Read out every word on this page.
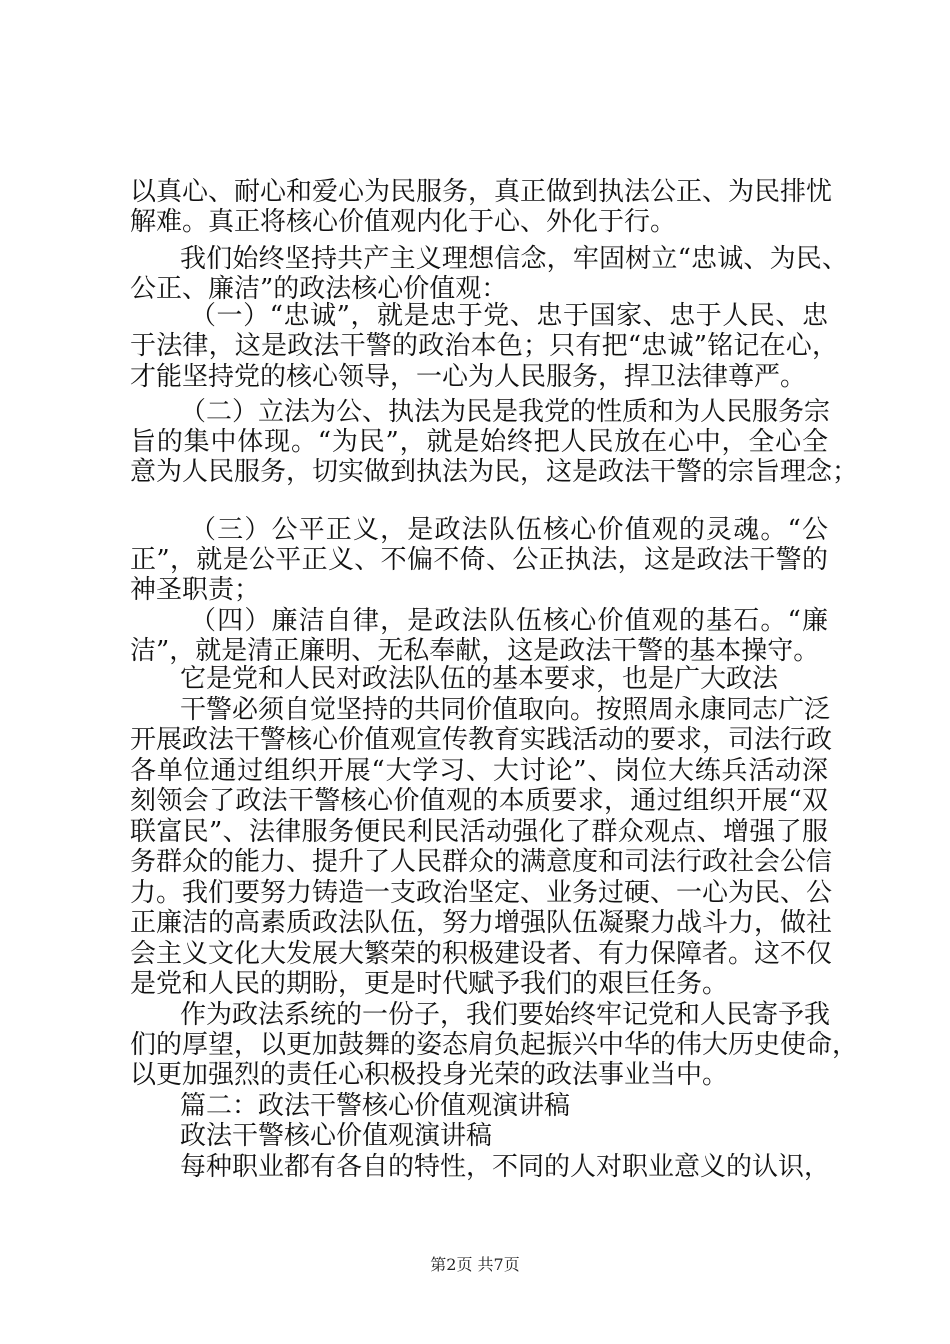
以真心、耐心和爱心为民服务，真正做到执法公正、为民排忧
解难。真正将核心价值观内化于心、外化于行。
我们始终坚持共产主义理想信念，牢固树立“忠诚、为民、
公正、廉洁”的政法核心价值观：
（一）“忠诚”，就是忠于党、忠于国家、忠于人民、忠
于法律，这是政法干警的政治本色；只有把“忠诚”铭记在心，
才能坚持党的核心领导，一心为人民服务，捍卫法律尊严。
（二）立法为公、执法为民是我党的性质和为人民服务宗
旨的集中体现。“为民”，就是始终把人民放在心中，全心全
意为人民服务，切实做到执法为民，这是政法干警的宗旨理念；
（三）公平正义，是政法队伍核心价值观的灵魂。“公
正”，就是公平正义、不偏不倚、公正执法，这是政法干警的
神圣职责；
（四）廉洁自律，是政法队伍核心价值观的基石。“廉
洁”，就是清正廉明、无私奉献，这是政法干警的基本操守。
它是党和人民对政法队伍的基本要求，也是广大政法
干警必须自觉坚持的共同价值取向。按照周永康同志广泛
开展政法干警核心价值观宣传教育实践活动的要求，司法行政
各单位通过组织开展“大学习、大讨论”、岗位大练兵活动深
刻领会了政法干警核心价值观的本质要求，通过组织开展“双
联富民”、法律服务便民利民活动强化了群众观点、增强了服
务群众的能力、提升了人民群众的满意度和司法行政社会公信
力。我们要努力铸造一支政治坚定、业务过硬、一心为民、公
正廉洁的高素质政法队伍，努力增强队伍凝聚力战斗力，做社
会主义文化大发展大繁荣的积极建设者、有力保障者。这不仅
是党和人民的期盼，更是时代赋予我们的艰巨任务。
作为政法系统的一份子，我们要始终牢记党和人民寄予我
们的厚望，以更加鼓舞的姿态肩负起振兴中华的伟大历史使命，
以更加强烈的责任心积极投身光荣的政法事业当中。
篇二：政法干警核心价值观演讲稿
政法干警核心价值观演讲稿
每种职业都有各自的特性，不同的人对职业意义的认识，
第2页 共7页
